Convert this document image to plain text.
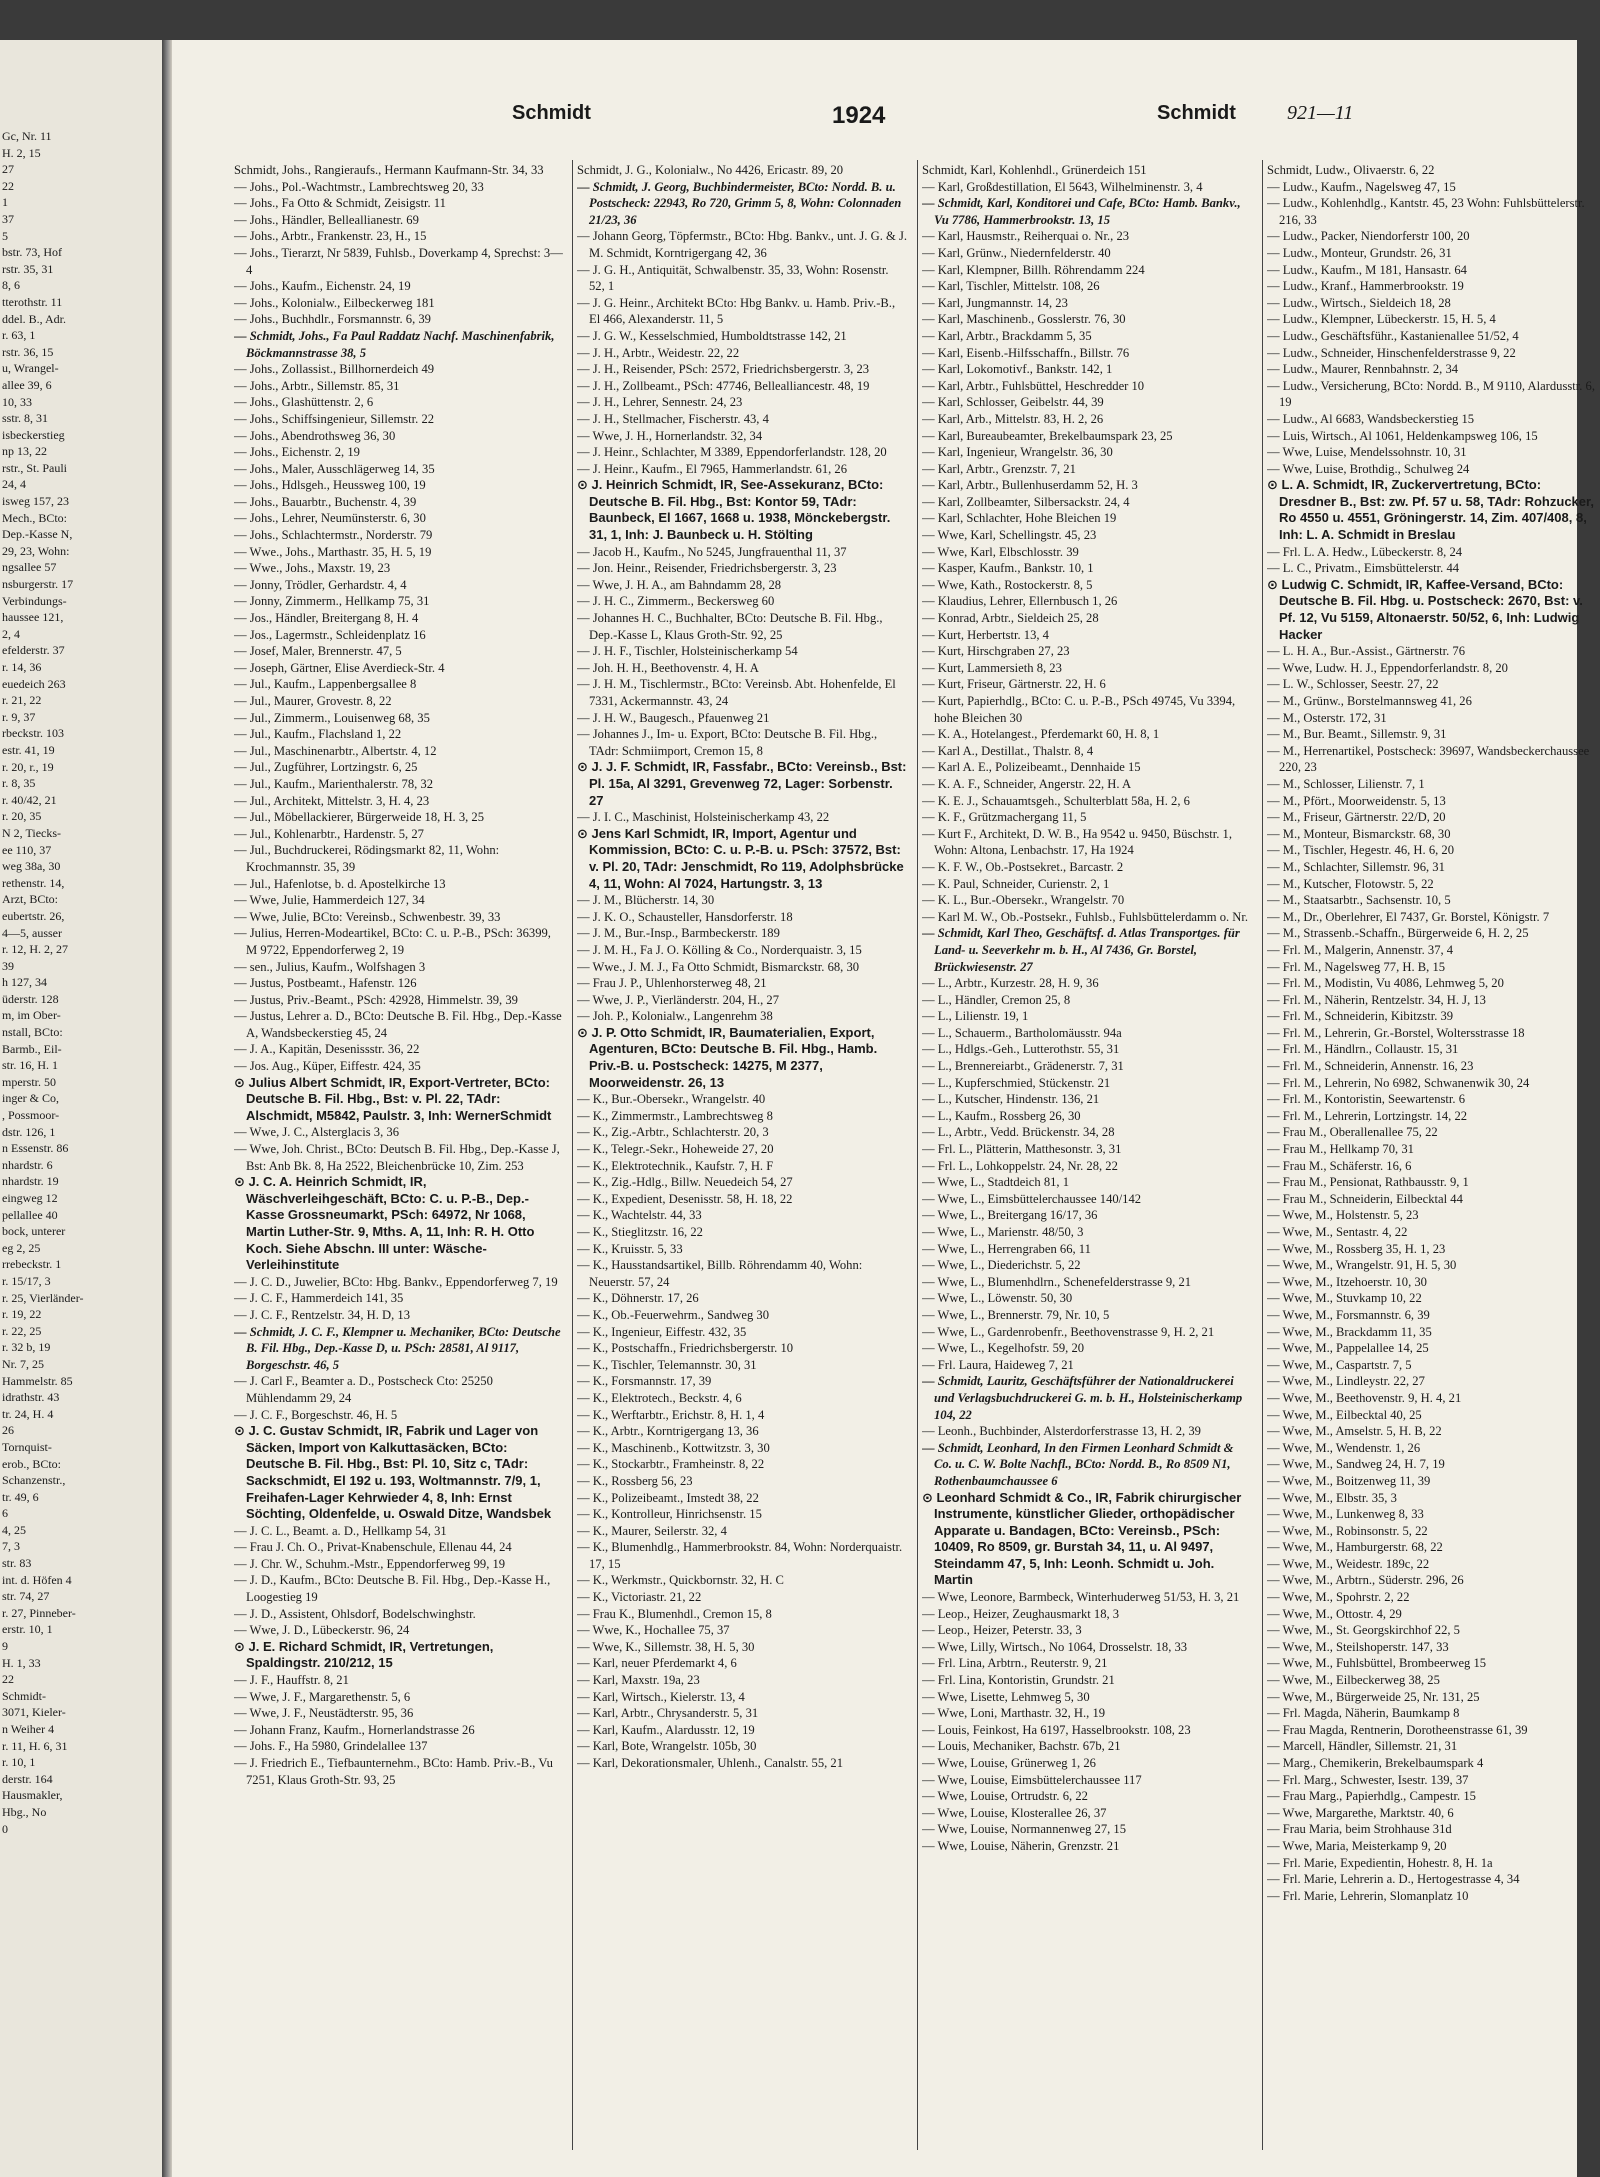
Gc, Nr. 11
H. 2, 15
27
22
1
37
5
bstr. 73, Hof
rstr. 35, 31
8, 6
tterothstr. 11
ddel. B., Adr.
r. 63, 1
rstr. 36, 15
u, Wrangel-
allee 39, 6
10, 33
sstr. 8, 31
isbeckerstieg
np 13, 22
rstr., St. Pauli
24, 4
isweg 157, 23
Mech., BCto:
Dep.-Kasse N,
29, 23, Wohn:
ngsallee 57
nsburgerstr. 17
Verbindungs-
haussee 121,
2, 4
efelderstr. 37
r. 14, 36
euedeich 263
r. 21, 22
r. 9, 37
rbeckstr. 103
estr. 41, 19
r. 20, r., 19
r. 8, 35
r. 40/42, 21
r. 20, 35
N 2, Tiecks-
ee 110, 37
weg 38a, 30
rethenstr. 14,
Arzt, BCto:
eubertstr. 26,
4—5, ausser
r. 12, H. 2, 27
39
h 127, 34
üderstr. 128
m, im Ober-
nstall, BCto:
Barmb., Eil-
str. 16, H. 1
mperstr. 50
inger & Co,
, Possmoor-
dstr. 126, 1
n Essenstr. 86
nhardstr. 6
nhardstr. 19
eingweg 12
pellallee 40
bock, unterer
eg 2, 25
rrebeckstr. 1
r. 15/17, 3
r. 25, Vierländer-
r. 19, 22
r. 22, 25
r. 32 b, 19
Nr. 7, 25
Hammelstr. 85
idrathstr. 43
tr. 24, H. 4
26
Tornquist-
erob., BCto:
Schanzenstr.,
tr. 49, 6
6
4, 25
7, 3
str. 83
int. d. Höfen 4
str. 74, 27
r. 27, Pinneber-
erstr. 10, 1
9
H. 1, 33
22
Schmidt-
3071, Kieler-
n Weiher 4
r. 11, H. 6, 31
r. 10, 1
derstr. 164
Hausmakler,
Hbg., No
0
Schmidt	1924	Schmidt	921—11

Schmidt, Johs., Rangieraufs., Hermann Kaufmann-Str. 34, 33

— Johs., Pol.-Wachtmstr., Lambrechtsweg 20, 33

— Johs., Fa Otto & Schmidt, Zeisigstr. 11

— Johs., Händler, Belleallianestr. 69

— Johs., Arbtr., Frankenstr. 23, H., 15

— Johs., Tierarzt, Nr 5839, Fuhlsb., Doverkamp 4, Sprechst: 3—4

— Johs., Kaufm., Eichenstr. 24, 19

— Johs., Kolonialw., Eilbeckerweg 181

— Johs., Buchhdlr., Forsmannstr. 6, 39

— Schmidt, Johs., Fa Paul Raddatz Nachf. Maschinenfabrik, Böckmannstrasse 38, 5

— Johs., Zollassist., Billhornerdeich 49

— Johs., Arbtr., Sillemstr. 85, 31

— Johs., Glashüttenstr. 2, 6

— Johs., Schiffsingenieur, Sillemstr. 22

— Johs., Abendrothsweg 36, 30

— Johs., Eichenstr. 2, 19

— Johs., Maler, Ausschlägerweg 14, 35

— Johs., Hdlsgeh., Heussweg 100, 19

— Johs., Bauarbtr., Buchenstr. 4, 39

— Johs., Lehrer, Neumünsterstr. 6, 30

— Johs., Schlachtermstr., Norderstr. 79

— Wwe., Johs., Marthastr. 35, H. 5, 19

— Wwe., Johs., Maxstr. 19, 23

— Jonny, Trödler, Gerhardstr. 4, 4

— Jonny, Zimmerm., Hellkamp 75, 31

— Jos., Händler, Breitergang 8, H. 4

— Jos., Lagermstr., Schleidenplatz 16

— Josef, Maler, Brennerstr. 47, 5

— Joseph, Gärtner, Elise Averdieck-Str. 4

— Jul., Kaufm., Lappenbergsallee 8

— Jul., Maurer, Grovestr. 8, 22

— Jul., Zimmerm., Louisenweg 68, 35

— Jul., Kaufm., Flachsland 1, 22

— Jul., Maschinenarbtr., Albertstr. 4, 12

— Jul., Zugführer, Lortzingstr. 6, 25

— Jul., Kaufm., Marienthalerstr. 78, 32

— Jul., Architekt, Mittelstr. 3, H. 4, 23

— Jul., Möbellackierer, Bürgerweide 18, H. 3, 25

— Jul., Kohlenarbtr., Hardenstr. 5, 27

— Jul., Buchdruckerei, Rödingsmarkt 82, 11, Wohn: Krochmannstr. 35, 39

— Jul., Hafenlotse, b. d. Apostelkirche 13

— Wwe, Julie, Hammerdeich 127, 34

— Wwe, Julie, BCto: Vereinsb., Schwenbestr. 39, 33

— Julius, Herren-Modeartikel, BCto: C. u. P.-B., PSch: 36399, M 9722, Eppendorferweg 2, 19

— sen., Julius, Kaufm., Wolfshagen 3

— Justus, Postbeamt., Hafenstr. 126

— Justus, Priv.-Beamt., PSch: 42928, Himmelstr. 39, 39

— Justus, Lehrer a. D., BCto: Deutsche B. Fil. Hbg., Dep.-Kasse A, Wandsbeckerstieg 45, 24

— J. A., Kapitän, Desenissstr. 36, 22

— Jos. Aug., Küper, Eiffestr. 424, 35

⊙ Julius Albert Schmidt, IR, Export-Vertreter, BCto: Deutsche B. Fil. Hbg., Bst: v. Pl. 22, TAdr: Alschmidt, M5842, Paulstr. 3, Inh: WernerSchmidt

— Wwe, J. C., Alsterglacis 3, 36

— Wwe, Joh. Christ., BCto: Deutsch B. Fil. Hbg., Dep.-Kasse J, Bst: Anb Bk. 8, Ha 2522, Bleichenbrücke 10, Zim. 253

⊙ J. C. A. Heinrich Schmidt, IR, Wäschverleihgeschäft, BCto: C. u. P.-B., Dep.-Kasse Grossneumarkt, PSch: 64972, Nr 1068, Martin Luther-Str. 9, Mths. A, 11, Inh: R. H. Otto Koch. Siehe Abschn. III unter: Wäsche-Verleihinstitute

— J. C. D., Juwelier, BCto: Hbg. Bankv., Eppendorferweg 7, 19

— J. C. F., Hammerdeich 141, 35

— J. C. F., Rentzelstr. 34, H. D, 13

— Schmidt, J. C. F., Klempner u. Mechaniker, BCto: Deutsche B. Fil. Hbg., Dep.-Kasse D, u. PSch: 28581, Al 9117, Borgeschstr. 46, 5

— J. Carl F., Beamter a. D., Postscheck Cto: 25250 Mühlendamm 29, 24

— J. C. F., Borgeschstr. 46, H. 5

⊙ J. C. Gustav Schmidt, IR, Fabrik und Lager von Säcken, Import von Kalkuttasäcken, BCto: Deutsche B. Fil. Hbg., Bst: Pl. 10, Sitz c, TAdr: Sackschmidt, El 192 u. 193, Woltmannstr. 7/9, 1, Freihafen-Lager Kehrwieder 4, 8, Inh: Ernst Söchting, Oldenfelde, u. Oswald Ditze, Wandsbek

— J. C. L., Beamt. a. D., Hellkamp 54, 31

— Frau J. Ch. O., Privat-Knabenschule, Ellenau 44, 24

— J. Chr. W., Schuhm.-Mstr., Eppendorferweg 99, 19

— J. D., Kaufm., BCto: Deutsche B. Fil. Hbg., Dep.-Kasse H., Loogestieg 19

— J. D., Assistent, Ohlsdorf, Bodelschwinghstr.

— Wwe, J. D., Lübeckerstr. 96, 24

⊙ J. E. Richard Schmidt, IR, Vertretungen, Spaldingstr. 210/212, 15

— J. F., Hauffstr. 8, 21

— Wwe, J. F., Margarethenstr. 5, 6

— Wwe, J. F., Neustädterstr. 95, 36

— Johann Franz, Kaufm., Hornerlandstrasse 26

— Johs. F., Ha 5980, Grindelallee 137

— J. Friedrich E., Tiefbaunternehm., BCto: Hamb. Priv.-B., Vu 7251, Klaus Groth-Str. 93, 25

Schmidt, J. G., Kolonialw., No 4426, Ericastr. 89, 20

— Schmidt, J. Georg, Buchbindermeister, BCto: Nordd. B. u. Postscheck: 22943, Ro 720, Grimm 5, 8, Wohn: Colonnaden 21/23, 36

— Johann Georg, Töpfermstr., BCto: Hbg. Bankv., unt. J. G. & J. M. Schmidt, Korntrigergang 42, 36

— J. G. H., Antiquität, Schwalbenstr. 35, 33, Wohn: Rosenstr. 52, 1

— J. G. Heinr., Architekt BCto: Hbg Bankv. u. Hamb. Priv.-B., El 466, Alexanderstr. 11, 5

— J. G. W., Kesselschmied, Humboldtstrasse 142, 21

— J. H., Arbtr., Weidestr. 22, 22

— J. H., Reisender, PSch: 2572, Friedrichsbergerstr. 3, 23

— J. H., Zollbeamt., PSch: 47746, Bellealliancestr. 48, 19

— J. H., Lehrer, Sennestr. 24, 23

— J. H., Stellmacher, Fischerstr. 43, 4

— Wwe, J. H., Hornerlandstr. 32, 34

— J. Heinr., Schlachter, M 3389, Eppendorferlandstr. 128, 20

— J. Heinr., Kaufm., El 7965, Hammerlandstr. 61, 26

⊙ J. Heinrich Schmidt, IR, See-Assekuranz, BCto: Deutsche B. Fil. Hbg., Bst: Kontor 59, TAdr: Baunbeck, El 1667, 1668 u. 1938, Mönckebergstr. 31, 1, Inh: J. Baunbeck u. H. Stölting

— Jacob H., Kaufm., No 5245, Jungfrauenthal 11, 37

— Jon. Heinr., Reisender, Friedrichsbergerstr. 3, 23

— Wwe, J. H. A., am Bahndamm 28, 28

— J. H. C., Zimmerm., Beckersweg 60

— Johannes H. C., Buchhalter, BCto: Deutsche B. Fil. Hbg., Dep.-Kasse L, Klaus Groth-Str. 92, 25

— J. H. F., Tischler, Holsteinischerkamp 54

— Joh. H. H., Beethovenstr. 4, H. A

— J. H. M., Tischlermstr., BCto: Vereinsb. Abt. Hohenfelde, El 7331, Ackermannstr. 43, 24

— J. H. W., Baugesch., Pfauenweg 21

— Johannes J., Im- u. Export, BCto: Deutsche B. Fil. Hbg., TAdr: Schmiimport, Cremon 15, 8

⊙ J. J. F. Schmidt, IR, Fassfabr., BCto: Vereinsb., Bst: Pl. 15a, Al 3291, Grevenweg 72, Lager: Sorbenstr. 27

— J. I. C., Maschinist, Holsteinischerkamp 43, 22

⊙ Jens Karl Schmidt, IR, Import, Agentur und Kommission, BCto: C. u. P.-B. u. PSch: 37572, Bst: v. Pl. 20, TAdr: Jenschmidt, Ro 119, Adolphsbrücke 4, 11, Wohn: Al 7024, Hartungstr. 3, 13

— J. M., Blücherstr. 14, 30

— J. K. O., Schausteller, Hansdorferstr. 18

— J. M., Bur.-Insp., Barmbeckerstr. 189

— J. M. H., Fa J. O. Kölling & Co., Norderquaistr. 3, 15

— Wwe., J. M. J., Fa Otto Schmidt, Bismarckstr. 68, 30

— Frau J. P., Uhlenhorsterweg 48, 21

— Wwe, J. P., Vierländerstr. 204, H., 27

— Joh. P., Kolonialw., Langenrehm 38

⊙ J. P. Otto Schmidt, IR, Baumaterialien, Export, Agenturen, BCto: Deutsche B. Fil. Hbg., Hamb. Priv.-B. u. Postscheck: 14275, M 2377, Moorweidenstr. 26, 13

— K., Bur.-Obersekr., Wrangelstr. 40

— K., Zimmermstr., Lambrechtsweg 8

— K., Zig.-Arbtr., Schlachterstr. 20, 3

— K., Telegr.-Sekr., Hoheweide 27, 20

— K., Elektrotechnik., Kaufstr. 7, H. F

— K., Zig.-Hdlg., Billw. Neuedeich 54, 27

— K., Expedient, Desenisstr. 58, H. 18, 22

— K., Wachtelstr. 44, 33

— K., Stieglitzstr. 16, 22

— K., Kruisstr. 5, 33

— K., Hausstandsartikel, Billb. Röhrendamm 40, Wohn: Neuerstr. 57, 24

— K., Döhnerstr. 17, 26

— K., Ob.-Feuerwehrm., Sandweg 30

— K., Ingenieur, Eiffestr. 432, 35

— K., Postschaffn., Friedrichsbergerstr. 10

— K., Tischler, Telemannstr. 30, 31

— K., Forsmannstr. 17, 39

— K., Elektrotech., Beckstr. 4, 6

— K., Werftarbtr., Erichstr. 8, H. 1, 4

— K., Arbtr., Korntrigergang 13, 36

— K., Maschinenb., Kottwitzstr. 3, 30

— K., Stockarbtr., Framheinstr. 8, 22

— K., Rossberg 56, 23

— K., Polizeibeamt., Imstedt 38, 22

— K., Kontrolleur, Hinrichsenstr. 15

— K., Maurer, Seilerstr. 32, 4

— K., Blumenhdlg., Hammerbrookstr. 84, Wohn: Norderquaistr. 17, 15

— K., Werkmstr., Quickbornstr. 32, H. C

— K., Victoriastr. 21, 22

— Frau K., Blumenhdl., Cremon 15, 8

— Wwe, K., Hochallee 75, 37

— Wwe, K., Sillemstr. 38, H. 5, 30

— Karl, neuer Pferdemarkt 4, 6

— Karl, Maxstr. 19a, 23

— Karl, Wirtsch., Kielerstr. 13, 4

— Karl, Arbtr., Chrysanderstr. 5, 31

— Karl, Kaufm., Alardusstr. 12, 19

— Karl, Bote, Wrangelstr. 105b, 30

— Karl, Dekorationsmaler, Uhlenh., Canalstr. 55, 21

Schmidt, Karl, Kohlenhdl., Grünerdeich 151

— Karl, Großdestillation, El 5643, Wilhelminenstr. 3, 4

— Schmidt, Karl, Konditorei und Cafe, BCto: Hamb. Bankv., Vu 7786, Hammerbrookstr. 13, 15

— Karl, Hausmstr., Reiherquai o. Nr., 23

— Karl, Grünw., Niedernfelderstr. 40

— Karl, Klempner, Billh. Röhrendamm 224

— Karl, Tischler, Mittelstr. 108, 26

— Karl, Jungmannstr. 14, 23

— Karl, Maschinenb., Gosslerstr. 76, 30

— Karl, Arbtr., Brackdamm 5, 35

— Karl, Eisenb.-Hilfsschaffn., Billstr. 76

— Karl, Lokomotivf., Bankstr. 142, 1

— Karl, Arbtr., Fuhlsbüttel, Heschredder 10

— Karl, Schlosser, Geibelstr. 44, 39

— Karl, Arb., Mittelstr. 83, H. 2, 26

— Karl, Bureaubeamter, Brekelbaumspark 23, 25

— Karl, Ingenieur, Wrangelstr. 36, 30

— Karl, Arbtr., Grenzstr. 7, 21

— Karl, Arbtr., Bullenhuserdamm 52, H. 3

— Karl, Zollbeamter, Silbersackstr. 24, 4

— Karl, Schlachter, Hohe Bleichen 19

— Wwe, Karl, Schellingstr. 45, 23

— Wwe, Karl, Elbschlosstr. 39

— Kasper, Kaufm., Bankstr. 10, 1

— Wwe, Kath., Rostockerstr. 8, 5

— Klaudius, Lehrer, Ellernbusch 1, 26

— Konrad, Arbtr., Sieldeich 25, 28

— Kurt, Herbertstr. 13, 4

— Kurt, Hirschgraben 27, 23

— Kurt, Lammersieth 8, 23

— Kurt, Friseur, Gärtnerstr. 22, H. 6

— Kurt, Papierhdlg., BCto: C. u. P.-B., PSch 49745, Vu 3394, hohe Bleichen 30

— K. A., Hotelangest., Pferdemarkt 60, H. 8, 1

— Karl A., Destillat., Thalstr. 8, 4

— Karl A. E., Polizeibeamt., Dennhaide 15

— K. A. F., Schneider, Angerstr. 22, H. A

— K. E. J., Schauamtsgeh., Schulterblatt 58a, H. 2, 6

— K. F., Grützmachergang 11, 5

— Kurt F., Architekt, D. W. B., Ha 9542 u. 9450, Büschstr. 1, Wohn: Altona, Lenbachstr. 17, Ha 1924

— K. F. W., Ob.-Postsekret., Barcastr. 2

— K. Paul, Schneider, Curienstr. 2, 1

— K. L., Bur.-Obersekr., Wrangelstr. 70

— Karl M. W., Ob.-Postsekr., Fuhlsb., Fuhlsbüttelerdamm o. Nr.

— Schmidt, Karl Theo, Geschäftsf. d. Atlas Transportges. für Land- u. Seeverkehr m. b. H., Al 7436, Gr. Borstel, Brückwiesenstr. 27

— L., Arbtr., Kurzestr. 28, H. 9, 36

— L., Händler, Cremon 25, 8

— L., Lilienstr. 19, 1

— L., Schauerm., Bartholomäusstr. 94a

— L., Hdlgs.-Geh., Lutterothstr. 55, 31

— L., Brennereiarbt., Grädenerstr. 7, 31

— L., Kupferschmied, Stückenstr. 21

— L., Kutscher, Hindenstr. 136, 21

— L., Kaufm., Rossberg 26, 30

— L., Arbtr., Vedd. Brückenstr. 34, 28

— Frl. L., Plätterin, Matthesonstr. 3, 31

— Frl. L., Lohkoppelstr. 24, Nr. 28, 22

— Wwe, L., Stadtdeich 81, 1

— Wwe, L., Eimsbüttelerchaussee 140/142

— Wwe, L., Breitergang 16/17, 36

— Wwe, L., Marienstr. 48/50, 3

— Wwe, L., Herrengraben 66, 11

— Wwe, L., Diederichstr. 5, 22

— Wwe, L., Blumenhdlrn., Schenefelderstrasse 9, 21

— Wwe, L., Löwenstr. 50, 30

— Wwe, L., Brennerstr. 79, Nr. 10, 5

— Wwe, L., Gardenrobenfr., Beethovenstrasse 9, H. 2, 21

— Wwe, L., Kegelhofstr. 59, 20

— Frl. Laura, Haideweg 7, 21

— Schmidt, Lauritz, Geschäftsführer der Nationaldruckerei und Verlagsbuchdruckerei G. m. b. H., Holsteinischerkamp 104, 22

— Leonh., Buchbinder, Alsterdorferstrasse 13, H. 2, 39

— Schmidt, Leonhard, In den Firmen Leonhard Schmidt & Co. u. C. W. Bolte Nachfl., BCto: Nordd. B., Ro 8509 N1, Rothenbaumchaussee 6

⊙ Leonhard Schmidt & Co., IR, Fabrik chirurgischer Instrumente, künstlicher Glieder, orthopädischer Apparate u. Bandagen, BCto: Vereinsb., PSch: 10409, Ro 8509, gr. Burstah 34, 11, u. Al 9497, Steindamm 47, 5, Inh: Leonh. Schmidt u. Joh. Martin

— Wwe, Leonore, Barmbeck, Winterhuderweg 51/53, H. 3, 21

— Leop., Heizer, Zeughausmarkt 18, 3

— Leop., Heizer, Peterstr. 33, 3

— Wwe, Lilly, Wirtsch., No 1064, Drosselstr. 18, 33

— Frl. Lina, Arbtrn., Reuterstr. 9, 21

— Frl. Lina, Kontoristin, Grundstr. 21

— Wwe, Lisette, Lehmweg 5, 30

— Wwe, Loni, Marthastr. 32, H., 19

— Louis, Feinkost, Ha 6197, Hasselbrookstr. 108, 23

— Louis, Mechaniker, Bachstr. 67b, 21

— Wwe, Louise, Grünerweg 1, 26

— Wwe, Louise, Eimsbüttelerchaussee 117

— Wwe, Louise, Ortrudstr. 6, 22

— Wwe, Louise, Klosterallee 26, 37

— Wwe, Louise, Normannenweg 27, 15

— Wwe, Louise, Näherin, Grenzstr. 21

Schmidt, Ludw., Olivaerstr. 6, 22

— Ludw., Kaufm., Nagelsweg 47, 15

— Ludw., Kohlenhdlg., Kantstr. 45, 23 Wohn: Fuhlsbüttelerstr. 216, 33

— Ludw., Packer, Niendorferstr 100, 20

— Ludw., Monteur, Grundstr. 26, 31

— Ludw., Kaufm., M 181, Hansastr. 64

— Ludw., Kranf., Hammerbrookstr. 19

— Ludw., Wirtsch., Sieldeich 18, 28

— Ludw., Klempner, Lübeckerstr. 15, H. 5, 4

— Ludw., Geschäftsführ., Kastanienallee 51/52, 4

— Ludw., Schneider, Hinschenfelderstrasse 9, 22

— Ludw., Maurer, Rennbahnstr. 2, 34

— Ludw., Versicherung, BCto: Nordd. B., M 9110, Alardusstr. 6, 19

— Ludw., Al 6683, Wandsbeckerstieg 15

— Luis, Wirtsch., Al 1061, Heldenkampsweg 106, 15

— Wwe, Luise, Mendelssohnstr. 10, 31

— Wwe, Luise, Brothdig., Schulweg 24

⊙ L. A. Schmidt, IR, Zuckervertretung, BCto: Dresdner B., Bst: zw. Pf. 57 u. 58, TAdr: Rohzucker, Ro 4550 u. 4551, Gröningerstr. 14, Zim. 407/408, 8, Inh: L. A. Schmidt in Breslau

— Frl. L. A. Hedw., Lübeckerstr. 8, 24

— L. C., Privatm., Eimsbüttelerstr. 44

⊙ Ludwig C. Schmidt, IR, Kaffee-Versand, BCto: Deutsche B. Fil. Hbg. u. Postscheck: 2670, Bst: v. Pf. 12, Vu 5159, Altonaerstr. 50/52, 6, Inh: Ludwig Hacker

— L. H. A., Bur.-Assist., Gärtnerstr. 76

— Wwe, Ludw. H. J., Eppendorferlandstr. 8, 20

— L. W., Schlosser, Seestr. 27, 22

— M., Grünw., Borstelmannsweg 41, 26

— M., Osterstr. 172, 31

— M., Bur. Beamt., Sillemstr. 9, 31

— M., Herrenartikel, Postscheck: 39697, Wandsbeckerchaussee 220, 23

— M., Schlosser, Lilienstr. 7, 1

— M., Pfört., Moorweidenstr. 5, 13

— M., Friseur, Gärtnerstr. 22/D, 20

— M., Monteur, Bismarckstr. 68, 30

— M., Tischler, Hegestr. 46, H. 6, 20

— M., Schlachter, Sillemstr. 96, 31

— M., Kutscher, Flotowstr. 5, 22

— M., Staatsarbtr., Sachsenstr. 10, 5

— M., Dr., Oberlehrer, El 7437, Gr. Borstel, Königstr. 7

— M., Strassenb.-Schaffn., Bürgerweide 6, H. 2, 25

— Frl. M., Malgerin, Annenstr. 37, 4

— Frl. M., Nagelsweg 77, H. B, 15

— Frl. M., Modistin, Vu 4086, Lehmweg 5, 20

— Frl. M., Näherin, Rentzelstr. 34, H. J, 13

— Frl. M., Schneiderin, Kibitzstr. 39

— Frl. M., Lehrerin, Gr.-Borstel, Woltersstrasse 18

— Frl. M., Händlrn., Collaustr. 15, 31

— Frl. M., Schneiderin, Annenstr. 16, 23

— Frl. M., Lehrerin, No 6982, Schwanenwik 30, 24

— Frl. M., Kontoristin, Seewartenstr. 6

— Frl. M., Lehrerin, Lortzingstr. 14, 22

— Frau M., Oberallenallee 75, 22

— Frau M., Hellkamp 70, 31

— Frau M., Schäferstr. 16, 6

— Frau M., Pensionat, Rathbausstr. 9, 1

— Frau M., Schneiderin, Eilbecktal 44

— Wwe, M., Holstenstr. 5, 23

— Wwe, M., Sentastr. 4, 22

— Wwe, M., Rossberg 35, H. 1, 23

— Wwe, M., Wrangelstr. 91, H. 5, 30

— Wwe, M., Itzehoerstr. 10, 30

— Wwe, M., Stuvkamp 10, 22

— Wwe, M., Forsmannstr. 6, 39

— Wwe, M., Brackdamm 11, 35

— Wwe, M., Pappelallee 14, 25

— Wwe, M., Caspartstr. 7, 5

— Wwe, M., Lindleystr. 22, 27

— Wwe, M., Beethovenstr. 9, H. 4, 21

— Wwe, M., Eilbecktal 40, 25

— Wwe, M., Amselstr. 5, H. B, 22

— Wwe, M., Wendenstr. 1, 26

— Wwe, M., Sandweg 24, H. 7, 19

— Wwe, M., Boitzenweg 11, 39

— Wwe, M., Elbstr. 35, 3

— Wwe, M., Lunkenweg 8, 33

— Wwe, M., Robinsonstr. 5, 22

— Wwe, M., Hamburgerstr. 68, 22

— Wwe, M., Weidestr. 189c, 22

— Wwe, M., Arbtrn., Süderstr. 296, 26

— Wwe, M., Spohrstr. 2, 22

— Wwe, M., Ottostr. 4, 29

— Wwe, M., St. Georgskirchhof 22, 5

— Wwe, M., Steilshoperstr. 147, 33

— Wwe, M., Fuhlsbüttel, Brombeerweg 15

— Wwe, M., Eilbeckerweg 38, 25

— Wwe, M., Bürgerweide 25, Nr. 131, 25

— Frl. Magda, Näherin, Baumkamp 8

— Frau Magda, Rentnerin, Dorotheenstrasse 61, 39

— Marcell, Händler, Sillemstr. 21, 31

— Marg., Chemikerin, Brekelbaumspark 4

— Frl. Marg., Schwester, Isestr. 139, 37

— Frau Marg., Papierhdlg., Campestr. 15

— Wwe, Margarethe, Marktstr. 40, 6

— Frau Maria, beim Strohhause 31d

— Wwe, Maria, Meisterkamp 9, 20

— Frl. Marie, Expedientin, Hohestr. 8, H. 1a

— Frl. Marie, Lehrerin a. D., Hertogestrasse 4, 34

— Frl. Marie, Lehrerin, Slomanplatz 10
